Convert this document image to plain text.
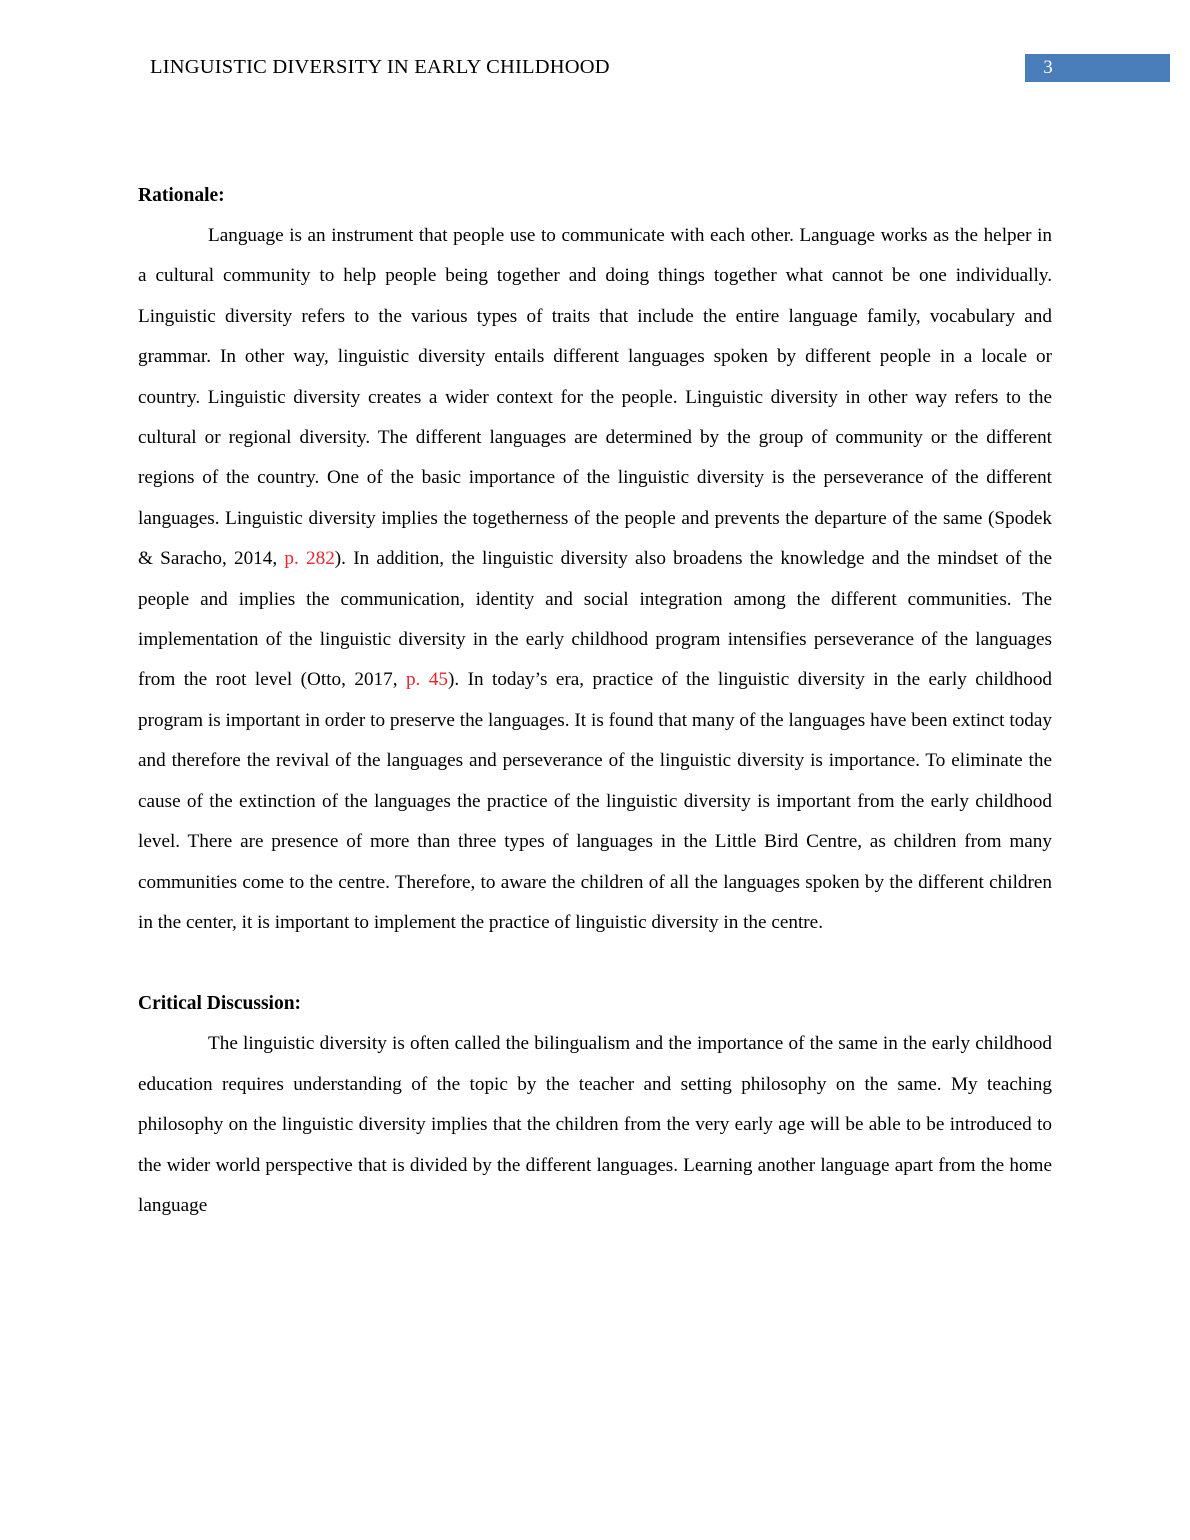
LINGUISTIC DIVERSITY IN EARLY CHILDHOOD	3
Rationale:

Language is an instrument that people use to communicate with each other. Language works as the helper in a cultural community to help people being together and doing things together what cannot be one individually. Linguistic diversity refers to the various types of traits that include the entire language family, vocabulary and grammar. In other way, linguistic diversity entails different languages spoken by different people in a locale or country. Linguistic diversity creates a wider context for the people. Linguistic diversity in other way refers to the cultural or regional diversity. The different languages are determined by the group of community or the different regions of the country. One of the basic importance of the linguistic diversity is the perseverance of the different languages. Linguistic diversity implies the togetherness of the people and prevents the departure of the same (Spodek & Saracho, 2014, p. 282). In addition, the linguistic diversity also broadens the knowledge and the mindset of the people and implies the communication, identity and social integration among the different communities. The implementation of the linguistic diversity in the early childhood program intensifies perseverance of the languages from the root level (Otto, 2017, p. 45). In today’s era, practice of the linguistic diversity in the early childhood program is important in order to preserve the languages. It is found that many of the languages have been extinct today and therefore the revival of the languages and perseverance of the linguistic diversity is importance. To eliminate the cause of the extinction of the languages the practice of the linguistic diversity is important from the early childhood level. There are presence of more than three types of languages in the Little Bird Centre, as children from many communities come to the centre. Therefore, to aware the children of all the languages spoken by the different children in the center, it is important to implement the practice of linguistic diversity in the centre.

Critical Discussion:

The linguistic diversity is often called the bilingualism and the importance of the same in the early childhood education requires understanding of the topic by the teacher and setting philosophy on the same. My teaching philosophy on the linguistic diversity implies that the children from the very early age will be able to be introduced to the wider world perspective that is divided by the different languages. Learning another language apart from the home language
